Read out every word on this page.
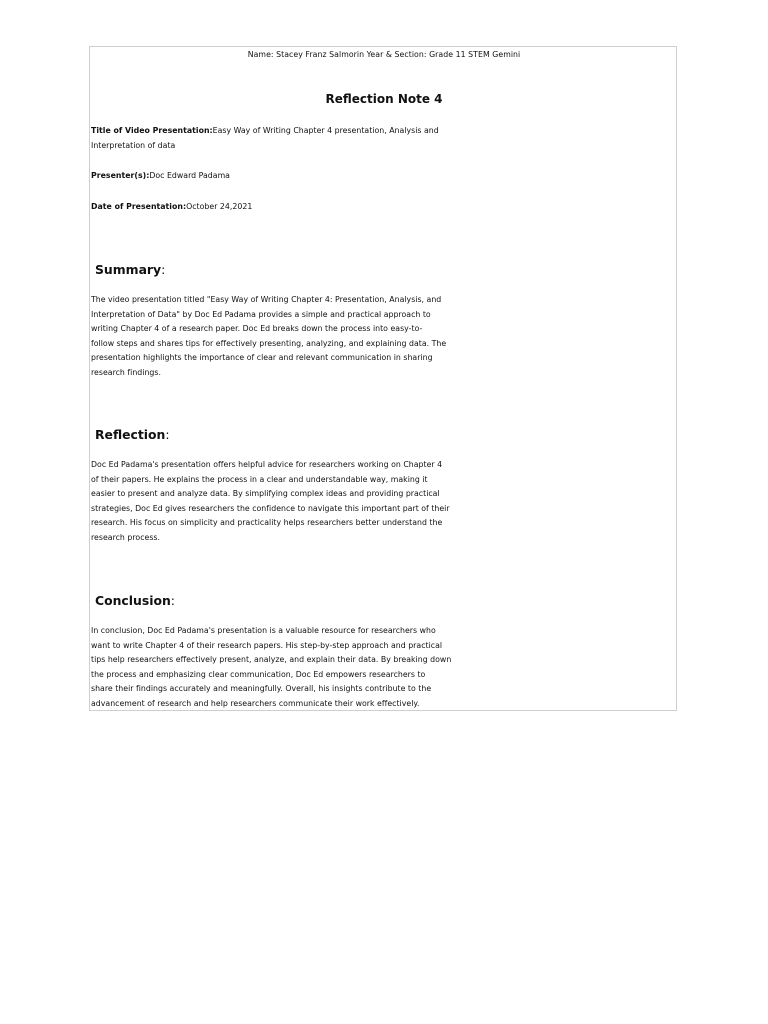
Name: Stacey Franz Salmorin Year & Section: Grade 11 STEM Gemini
Reflection Note 4
Title of Video Presentation:Easy Way of Writing Chapter 4 presentation, Analysis and
Interpretation of data
Presenter(s):Doc Edward Padama
Date of Presentation:October 24,2021
Summary:
The video presentation titled "Easy Way of Writing Chapter 4: Presentation, Analysis, and
Interpretation of Data" by Doc Ed Padama provides a simple and practical approach to
writing Chapter 4 of a research paper. Doc Ed breaks down the process into easy-to-
follow steps and shares tips for effectively presenting, analyzing, and explaining data. The
presentation highlights the importance of clear and relevant communication in sharing
research findings.
Reflection:
Doc Ed Padama's presentation offers helpful advice for researchers working on Chapter 4
of their papers. He explains the process in a clear and understandable way, making it
easier to present and analyze data. By simplifying complex ideas and providing practical
strategies, Doc Ed gives researchers the confidence to navigate this important part of their
research. His focus on simplicity and practicality helps researchers better understand the
research process.
Conclusion:
In conclusion, Doc Ed Padama's presentation is a valuable resource for researchers who
want to write Chapter 4 of their research papers. His step-by-step approach and practical
tips help researchers effectively present, analyze, and explain their data. By breaking down
the process and emphasizing clear communication, Doc Ed empowers researchers to
share their findings accurately and meaningfully. Overall, his insights contribute to the
advancement of research and help researchers communicate their work effectively.
